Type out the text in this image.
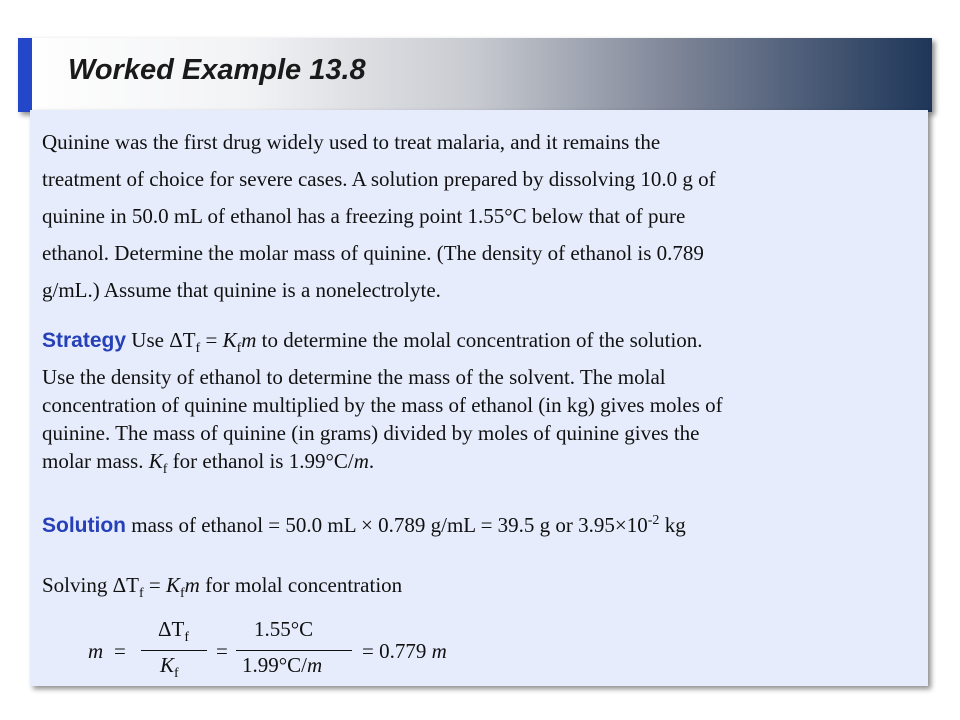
Worked Example 13.8
Quinine was the first drug widely used to treat malaria, and it remains the
treatment of choice for severe cases. A solution prepared by dissolving 10.0 g of
quinine in 50.0 mL of ethanol has a freezing point 1.55°C below that of pure
ethanol. Determine the molar mass of quinine. (The density of ethanol is 0.789
g/mL.) Assume that quinine is a nonelectrolyte.
Strategy Use $\Delta T_f = K_fm$ to determine the molal concentration of the solution.
Use the density of ethanol to determine the mass of the solvent. The molal
concentration of quinine multiplied by the mass of ethanol (in kg) gives moles of
quinine. The mass of quinine (in grams) divided by moles of quinine gives the
molar mass. $K_f$ for ethanol is 1.99°C/m.
Solution mass of ethanol = 50.0 mL × 0.789 g/mL = 39.5 g or $3.95\times 10^{-2}$ kg
Solving $\Delta T_f = K_fm$ for molal concentration
m =
$\Delta T_f$
$K_f$
=
1.55°C
1.99°C/m
= 0.779 m
